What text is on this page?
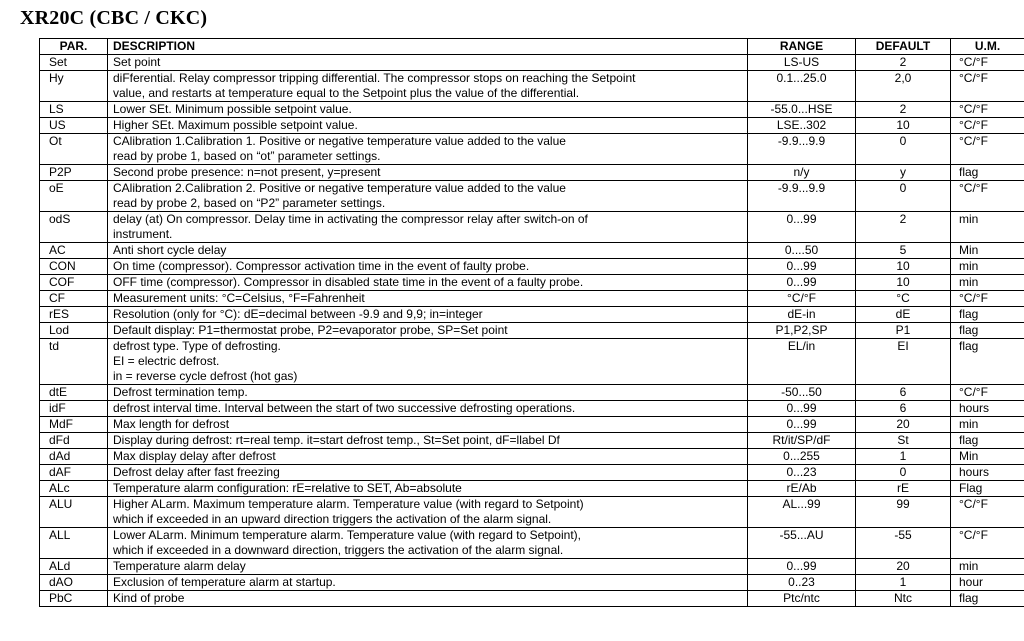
XR20C (CBC / CKC)
PAR.	DESCRIPTION	RANGE	DEFAULT	U.M.
Set	Set point	LS-US	2	°C/°F
Hy	diFferential. Relay compressor tripping differential. The compressor stops on reaching the Setpoint
value, and restarts at temperature equal to the Setpoint plus the value of the differential.	0.1...25.0	2,0	°C/°F
LS	Lower SEt. Minimum possible setpoint value.	-55.0...HSE	2	°C/°F
US	Higher SEt. Maximum possible setpoint value.	LSE..302	10	°C/°F
Ot	CAlibration 1.Calibration 1. Positive or negative temperature value added to the value
read by probe 1, based on “ot” parameter settings.	-9.9...9.9	0	°C/°F
P2P	Second probe presence: n=not present, y=present	n/y	y	flag
oE	CAlibration 2.Calibration 2. Positive or negative temperature value added to the value
read by probe 2, based on “P2” parameter settings.	-9.9...9.9	0	°C/°F
odS	delay (at) On compressor. Delay time in activating the compressor relay after switch-on of
instrument.	0...99	2	min
AC	Anti short cycle delay	0....50	5	Min
CON	On time (compressor). Compressor activation time in the event of faulty probe.	0...99	10	min
COF	OFF time (compressor). Compressor in disabled state time in the event of a faulty probe.	0...99	10	min
CF	Measurement units: °C=Celsius, °F=Fahrenheit	°C/°F	°C	°C/°F
rES	Resolution (only for °C): dE=decimal between -9.9 and 9,9; in=integer	dE-in	dE	flag
Lod	Default display: P1=thermostat probe, P2=evaporator probe, SP=Set point	P1,P2,SP	P1	flag
td	defrost type. Type of defrosting.
EI = electric defrost.
in = reverse cycle defrost (hot gas)	EL/in	EI	flag
dtE	Defrost termination temp.	-50...50	6	°C/°F
idF	defrost interval time. Interval between the start of two successive defrosting operations.	0...99	6	hours
MdF	Max length for defrost	0...99	20	min
dFd	Display during defrost: rt=real temp. it=start defrost temp., St=Set point, dF=llabel Df	Rt/it/SP/dF	St	flag
dAd	Max display delay after defrost	0...255	1	Min
dAF	Defrost delay after fast freezing	0...23	0	hours
ALc	Temperature alarm configuration: rE=relative to SET, Ab=absolute	rE/Ab	rE	Flag
ALU	Higher ALarm. Maximum temperature alarm. Temperature value (with regard to Setpoint)
which if exceeded in an upward direction triggers the activation of the alarm signal.	AL...99	99	°C/°F
ALL	Lower ALarm. Minimum temperature alarm. Temperature value (with regard to Setpoint),
which if exceeded in a downward direction, triggers the activation of the alarm signal.	-55...AU	-55	°C/°F
ALd	Temperature alarm delay	0...99	20	min
dAO	Exclusion of temperature alarm at startup.	0..23	1	hour
PbC	Kind of probe	Ptc/ntc	Ntc	flag
